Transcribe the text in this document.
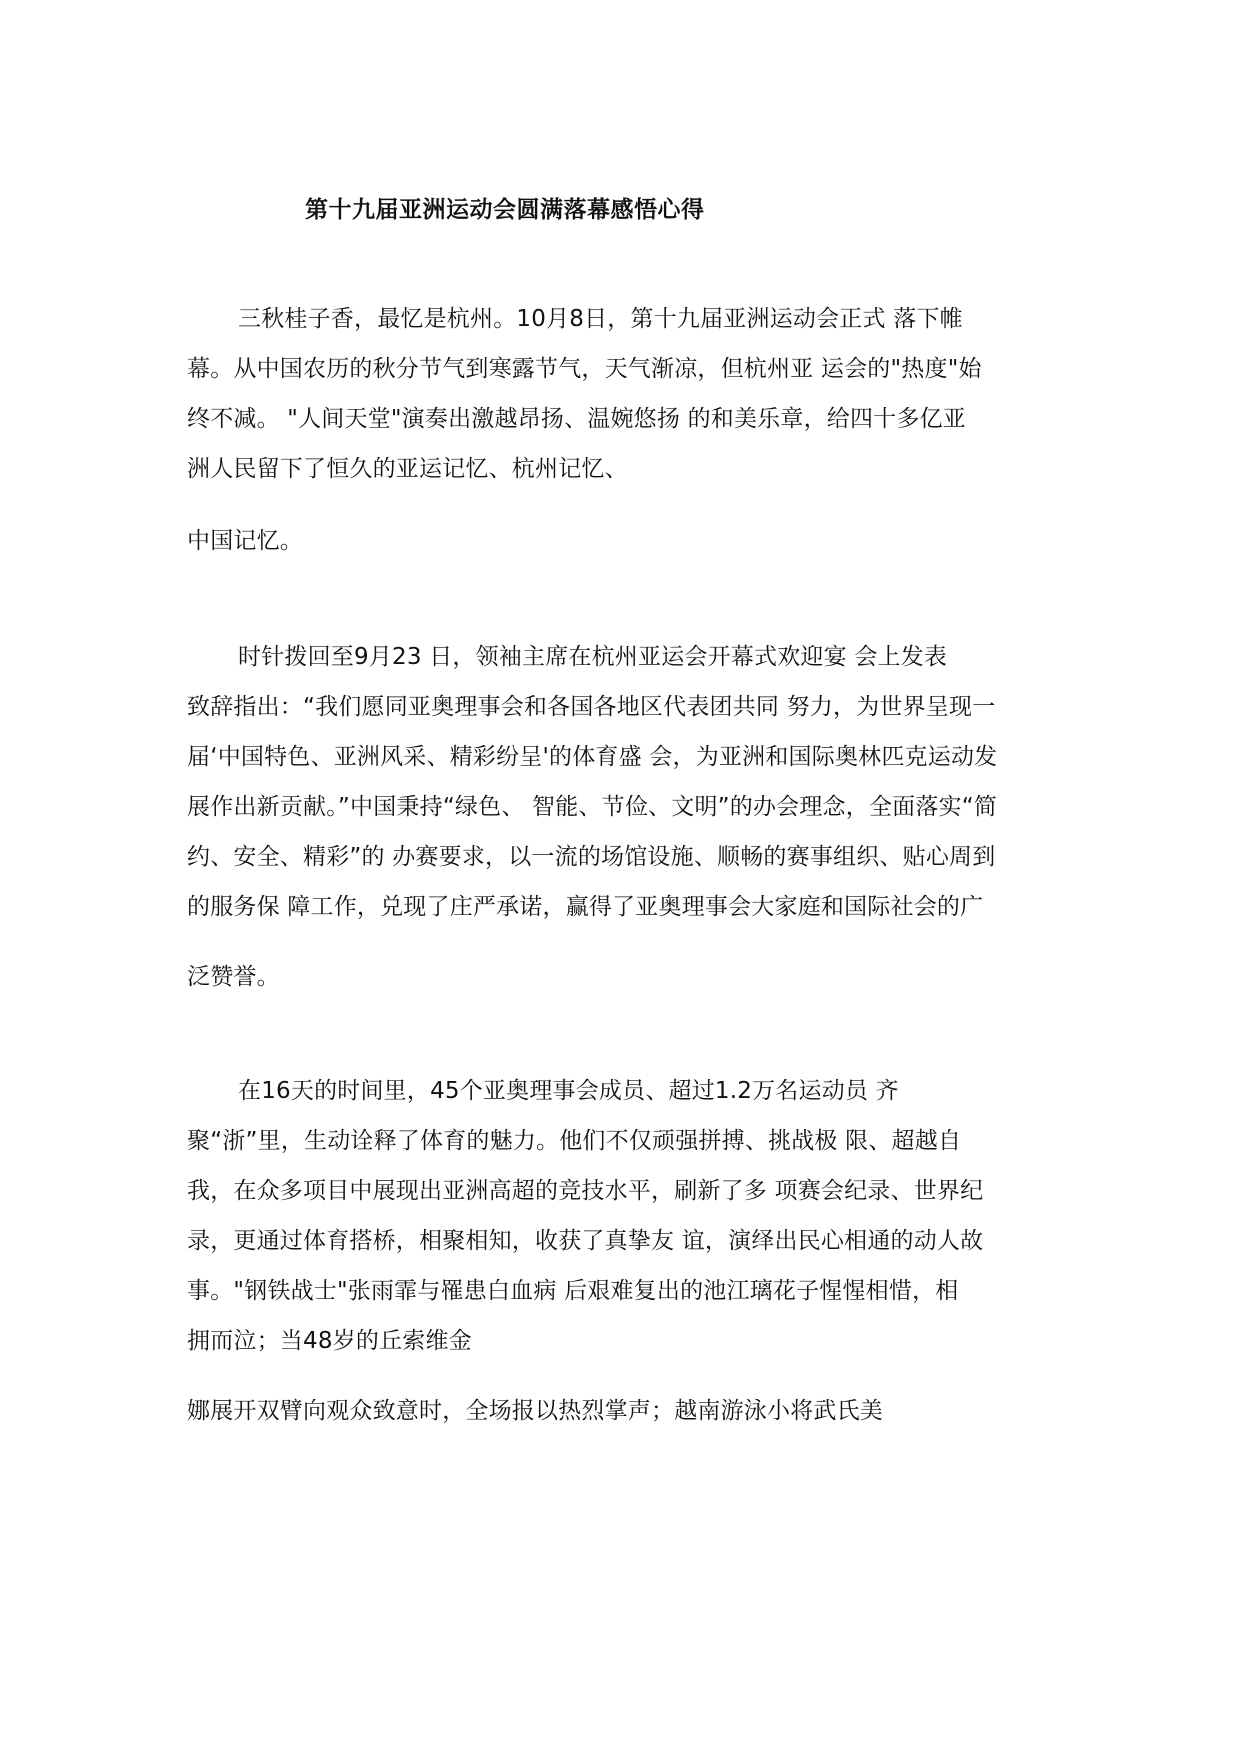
第十九届亚洲运动会圆满落幕感悟心得
三秋桂子香，最忆是杭州。10月8日，第十九届亚洲运动会正式 落下帷
幕。从中国农历的秋分节气到寒露节气，天气渐凉，但杭州亚 运会的"热度"始
终不减。 "人间天堂"演奏出激越昂扬、温婉悠扬 的和美乐章，给四十多亿亚
洲人民留下了恒久的亚运记忆、杭州记忆、
中国记忆。
时针拨回至9月23 日，领袖主席在杭州亚运会开幕式欢迎宴 会上发表
致辞指出：“我们愿同亚奥理事会和各国各地区代表团共同 努力，为世界呈现一
届‘中国特色、亚洲风采、精彩纷呈'的体育盛 会，为亚洲和国际奥林匹克运动发
展作出新贡献。”中国秉持“绿色、 智能、节俭、文明”的办会理念，全面落实“简
约、安全、精彩”的 办赛要求，以一流的场馆设施、顺畅的赛事组织、贴心周到
的服务保 障工作，兑现了庄严承诺，赢得了亚奥理事会大家庭和国际社会的广
泛赞誉。
在16天的时间里，45个亚奥理事会成员、超过1.2万名运动员 齐
聚“浙”里，生动诠释了体育的魅力。他们不仅顽强拼搏、挑战极 限、超越自
我，在众多项目中展现出亚洲高超的竞技水平，刷新了多 项赛会纪录、世界纪
录，更通过体育搭桥，相聚相知，收获了真挚友 谊，演绎出民心相通的动人故
事。"钢铁战士"张雨霏与罹患白血病 后艰难复出的池江璃花子惺惺相惜，相
拥而泣；当48岁的丘索维金
娜展开双臂向观众致意时，全场报以热烈掌声；越南游泳小将武氏美
